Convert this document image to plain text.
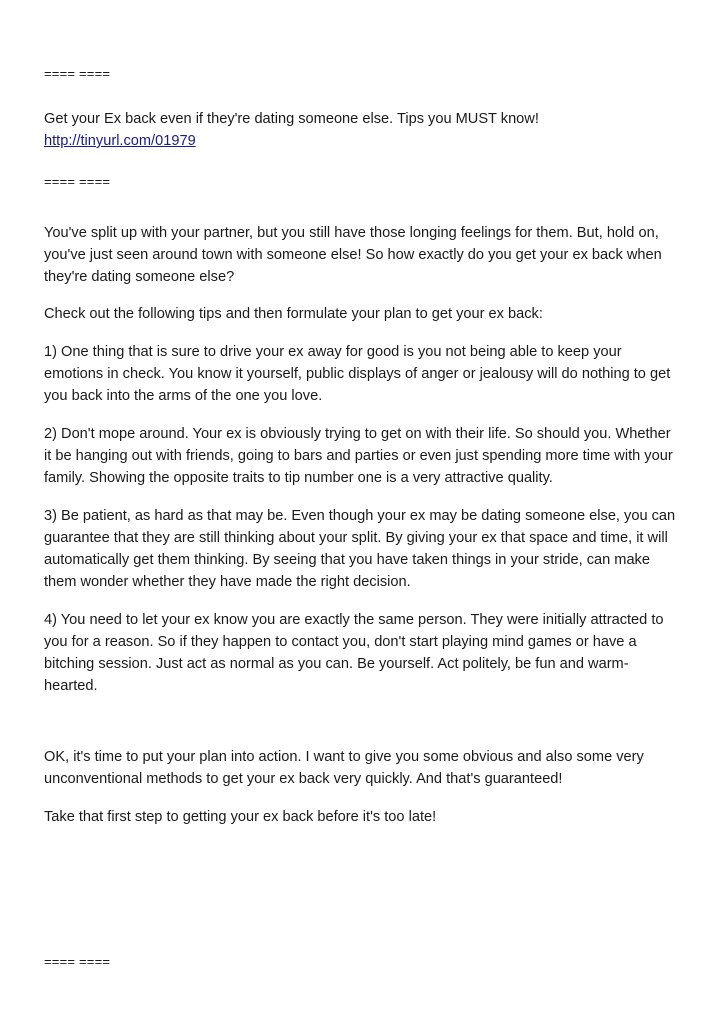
==== ====

Get your Ex back even if they're dating someone else. Tips you MUST know!

http://tinyurl.com/01979

==== ====

You've split up with your partner, but you still have those longing feelings for them. But, hold on,

you've just seen around town with someone else! So how exactly do you get your ex back when

they're dating someone else?

Check out the following tips and then formulate your plan to get your ex back:

1) One thing that is sure to drive your ex away for good is you not being able to keep your

emotions in check. You know it yourself, public displays of anger or jealousy will do nothing to get

you back into the arms of the one you love.

2) Don't mope around. Your ex is obviously trying to get on with their life. So should you. Whether

it be hanging out with friends, going to bars and parties or even just spending more time with your

family. Showing the opposite traits to tip number one is a very attractive quality.

3) Be patient, as hard as that may be. Even though your ex may be dating someone else, you can

guarantee that they are still thinking about your split. By giving your ex that space and time, it will

automatically get them thinking. By seeing that you have taken things in your stride, can make

them wonder whether they have made the right decision.

4) You need to let your ex know you are exactly the same person. They were initially attracted to

you for a reason. So if they happen to contact you, don't start playing mind games or have a

bitching session. Just act as normal as you can. Be yourself. Act politely, be fun and warm-

hearted.

OK, it's time to put your plan into action. I want to give you some obvious and also some very

unconventional methods to get your ex back very quickly. And that's guaranteed!

Take that first step to getting your ex back before it's too late!

==== ====
